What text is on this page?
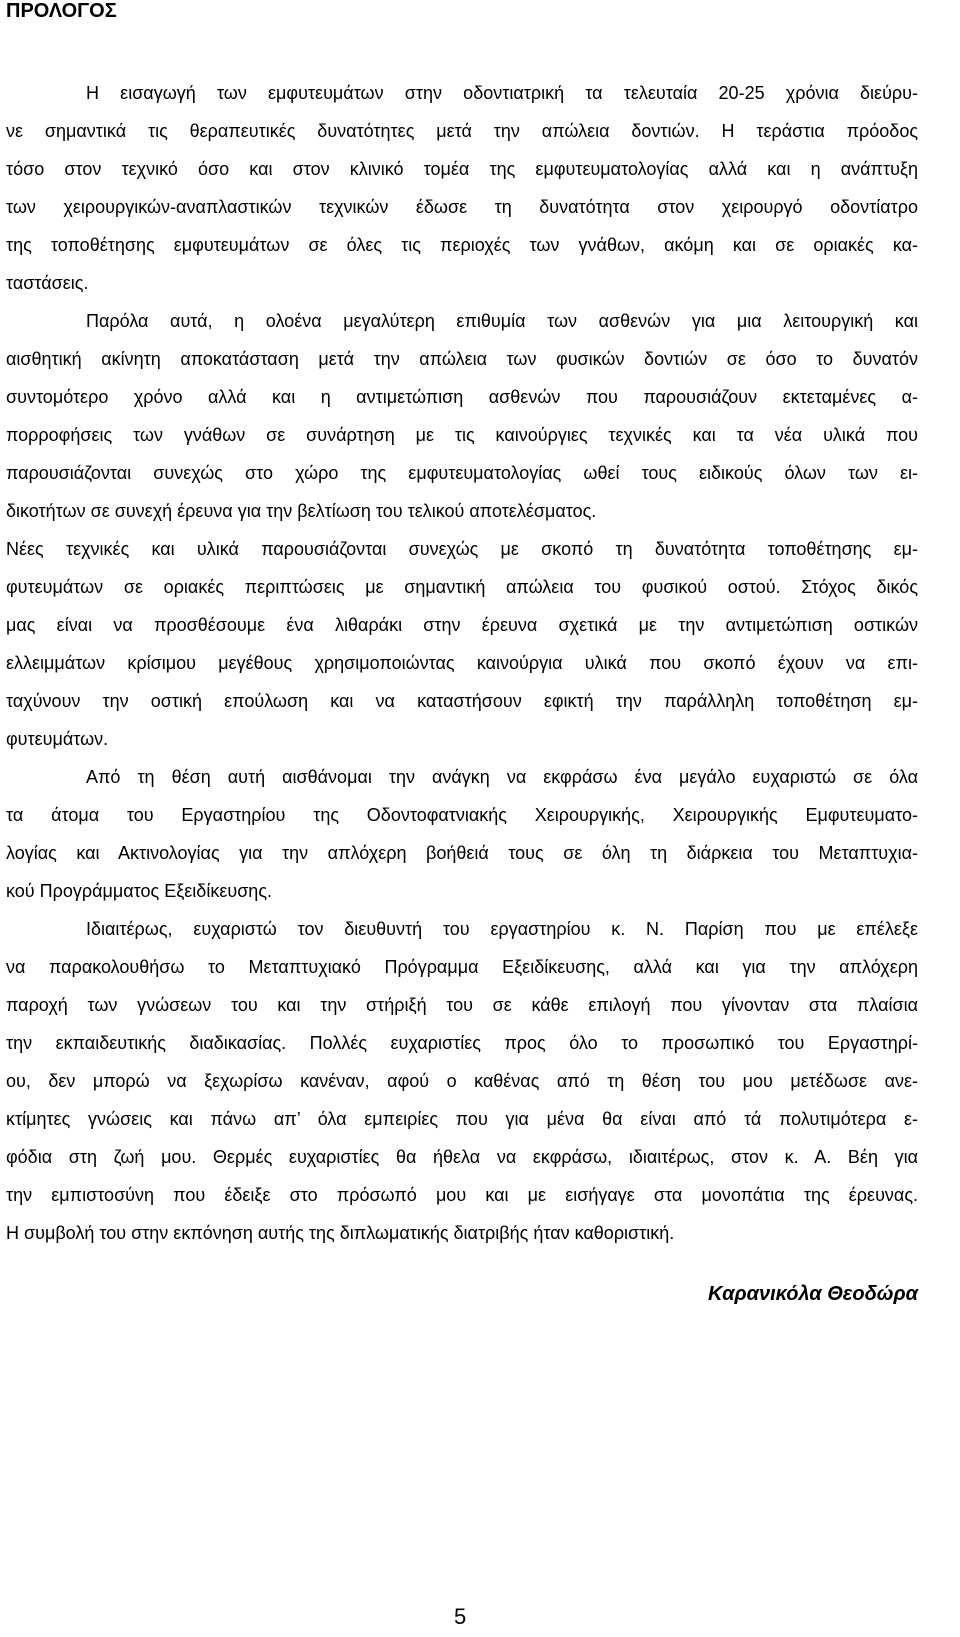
ΠΡΟΛΟΓΟΣ
Η εισαγωγή των εμφυτευμάτων στην οδοντιατρική τα τελευταία 20-25 χρόνια διεύρυ-
νε σημαντικά τις θεραπευτικές δυνατότητες μετά την απώλεια δοντιών. Η τεράστια πρόοδος
τόσο στον τεχνικό όσο και στον κλινικό τομέα της εμφυτευματολογίας αλλά και η ανάπτυξη
των χειρουργικών-αναπλαστικών τεχνικών έδωσε τη δυνατότητα στον χειρουργό οδοντίατρο
της τοποθέτησης εμφυτευμάτων σε όλες τις περιοχές των γνάθων, ακόμη και σε οριακές κα-
ταστάσεις.
Παρόλα αυτά, η ολοένα μεγαλύτερη επιθυμία των ασθενών για μια λειτουργική και
αισθητική ακίνητη αποκατάσταση μετά την απώλεια των φυσικών δοντιών σε όσο το δυνατόν
συντομότερο χρόνο αλλά και η αντιμετώπιση ασθενών που παρουσιάζουν εκτεταμένες α-
πορροφήσεις των γνάθων σε συνάρτηση με τις καινούργιες τεχνικές και τα νέα υλικά που
παρουσιάζονται συνεχώς στο χώρο της εμφυτευματολογίας ωθεί τους ειδικούς όλων των ει-
δικοτήτων σε συνεχή έρευνα για την βελτίωση του τελικού αποτελέσματος.
Νέες τεχνικές και υλικά παρουσιάζονται συνεχώς με σκοπό τη δυνατότητα τοποθέτησης εμ-
φυτευμάτων σε οριακές περιπτώσεις με σημαντική απώλεια του φυσικού οστού. Στόχος δικός
μας είναι να προσθέσουμε ένα λιθαράκι στην έρευνα σχετικά με την αντιμετώπιση οστικών
ελλειμμάτων κρίσιμου μεγέθους χρησιμοποιώντας καινούργια υλικά που σκοπό έχουν να επι-
ταχύνουν την οστική επούλωση και να καταστήσουν εφικτή την παράλληλη τοποθέτηση εμ-
φυτευμάτων.
Από τη θέση αυτή αισθάνομαι την ανάγκη να εκφράσω ένα μεγάλο ευχαριστώ σε όλα
τα άτομα του Εργαστηρίου της Οδοντοφατνιακής Χειρουργικής, Χειρουργικής Εμφυτευματο-
λογίας και Ακτινολογίας για την απλόχερη βοήθειά τους σε όλη τη διάρκεια του Μεταπτυχια-
κού Προγράμματος Εξειδίκευσης.
Ιδιαιτέρως, ευχαριστώ τον διευθυντή του εργαστηρίου κ. Ν. Παρίση που με επέλεξε
να παρακολουθήσω το Μεταπτυχιακό Πρόγραμμα Εξειδίκευσης, αλλά και για την απλόχερη
παροχή των γνώσεων του και την στήριξή του σε κάθε επιλογή που γίνονταν στα πλαίσια
την εκπαιδευτικής διαδικασίας. Πολλές ευχαριστίες προς όλο το προσωπικό του Εργαστηρί-
ου, δεν μπορώ να ξεχωρίσω κανέναν, αφού ο καθένας από τη θέση του μου μετέδωσε ανε-
κτίμητες γνώσεις και πάνω απ’ όλα εμπειρίες που για μένα θα είναι από τά πολυτιμότερα ε-
φόδια στη ζωή μου. Θερμές ευχαριστίες θα ήθελα να εκφράσω, ιδιαιτέρως, στον κ. Α. Βέη για
την εμπιστοσύνη που έδειξε στο πρόσωπό μου και με εισήγαγε στα μονοπάτια της έρευνας.
Η συμβολή του στην εκπόνηση αυτής της διπλωματικής διατριβής ήταν καθοριστική.
Καρανικόλα Θεοδώρα
5
